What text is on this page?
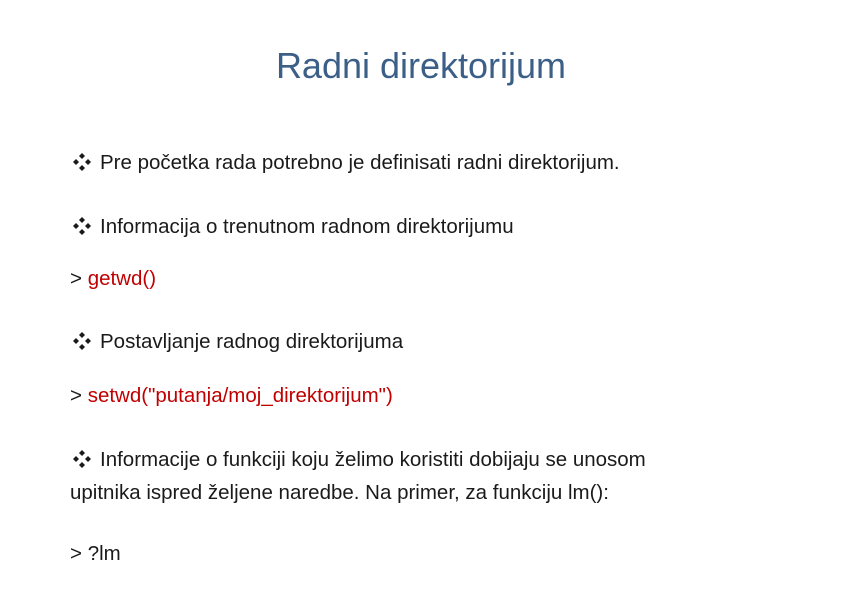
Radni direktorijum
Pre početka rada potrebno je definisati radni direktorijum.
Informacija o trenutnom radnom direktorijumu
> getwd()
Postavljanje radnog direktorijuma
> setwd("putanja/moj_direktorijum")
Informacije o funkciji koju želimo koristiti dobijaju se unosom
upitnika ispred željene naredbe. Na primer, za funkciju lm():
> ?lm
